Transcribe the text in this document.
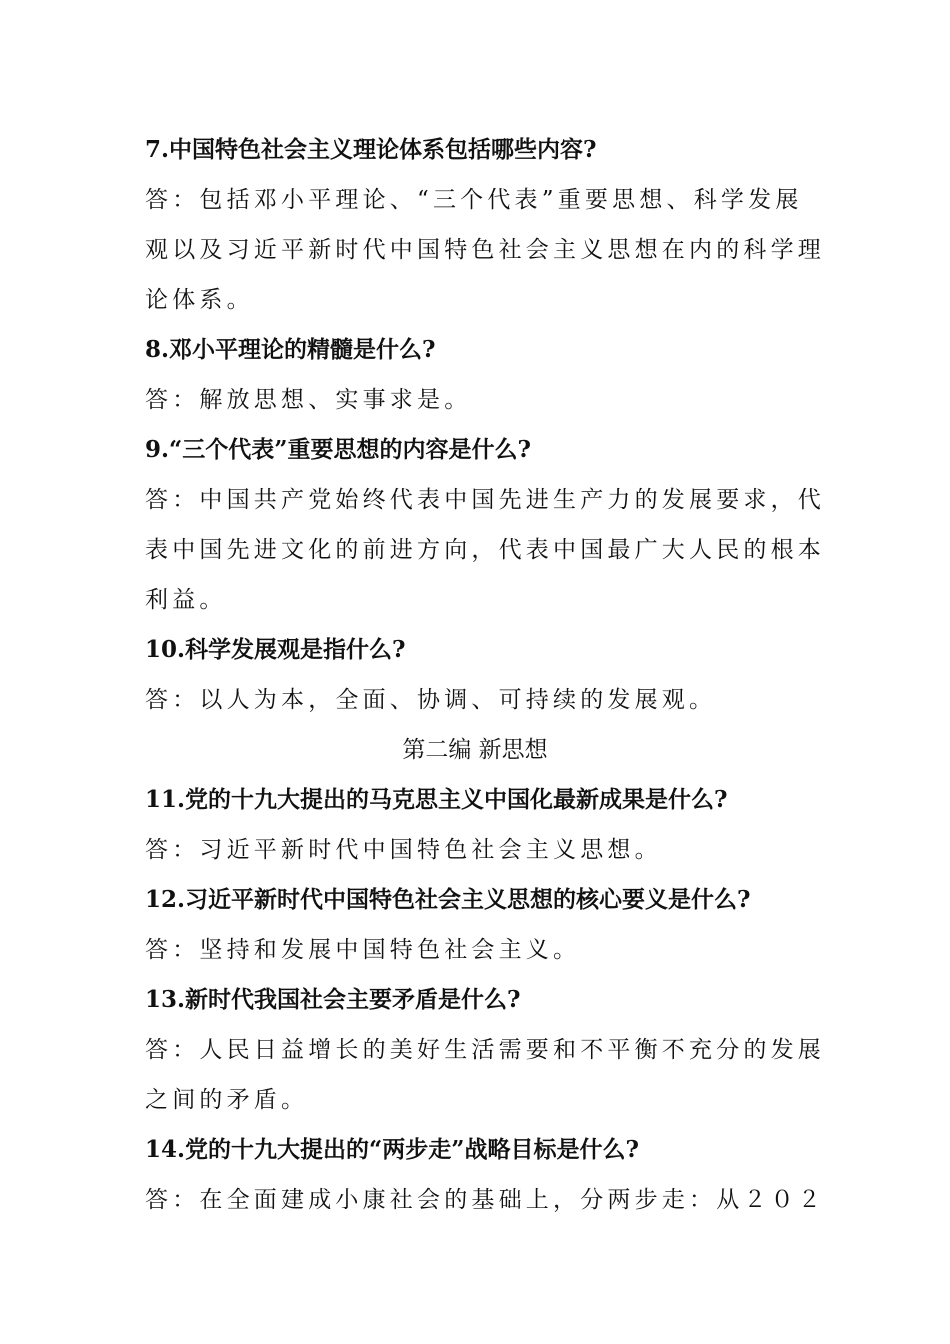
7.中国特色社会主义理论体系包括哪些内容?
答：包括邓小平理论、“三个代表”重要思想、科学发展
观以及习近平新时代中国特色社会主义思想在内的科学理
论体系。
8.邓小平理论的精髓是什么?
答：解放思想、实事求是。
9.“三个代表”重要思想的内容是什么?
答：中国共产党始终代表中国先进生产力的发展要求，代
表中国先进文化的前进方向，代表中国最广大人民的根本
利益。
10.科学发展观是指什么?
答：以人为本，全面、协调、可持续的发展观。
第二编 新思想
11.党的十九大提出的马克思主义中国化最新成果是什么?
答：习近平新时代中国特色社会主义思想。
12.习近平新时代中国特色社会主义思想的核心要义是什么?
答：坚持和发展中国特色社会主义。
13.新时代我国社会主要矛盾是什么?
答：人民日益增长的美好生活需要和不平衡不充分的发展
之间的矛盾。
14.党的十九大提出的“两步走”战略目标是什么?
答：在全面建成小康社会的基础上，分两步走：从２０２
